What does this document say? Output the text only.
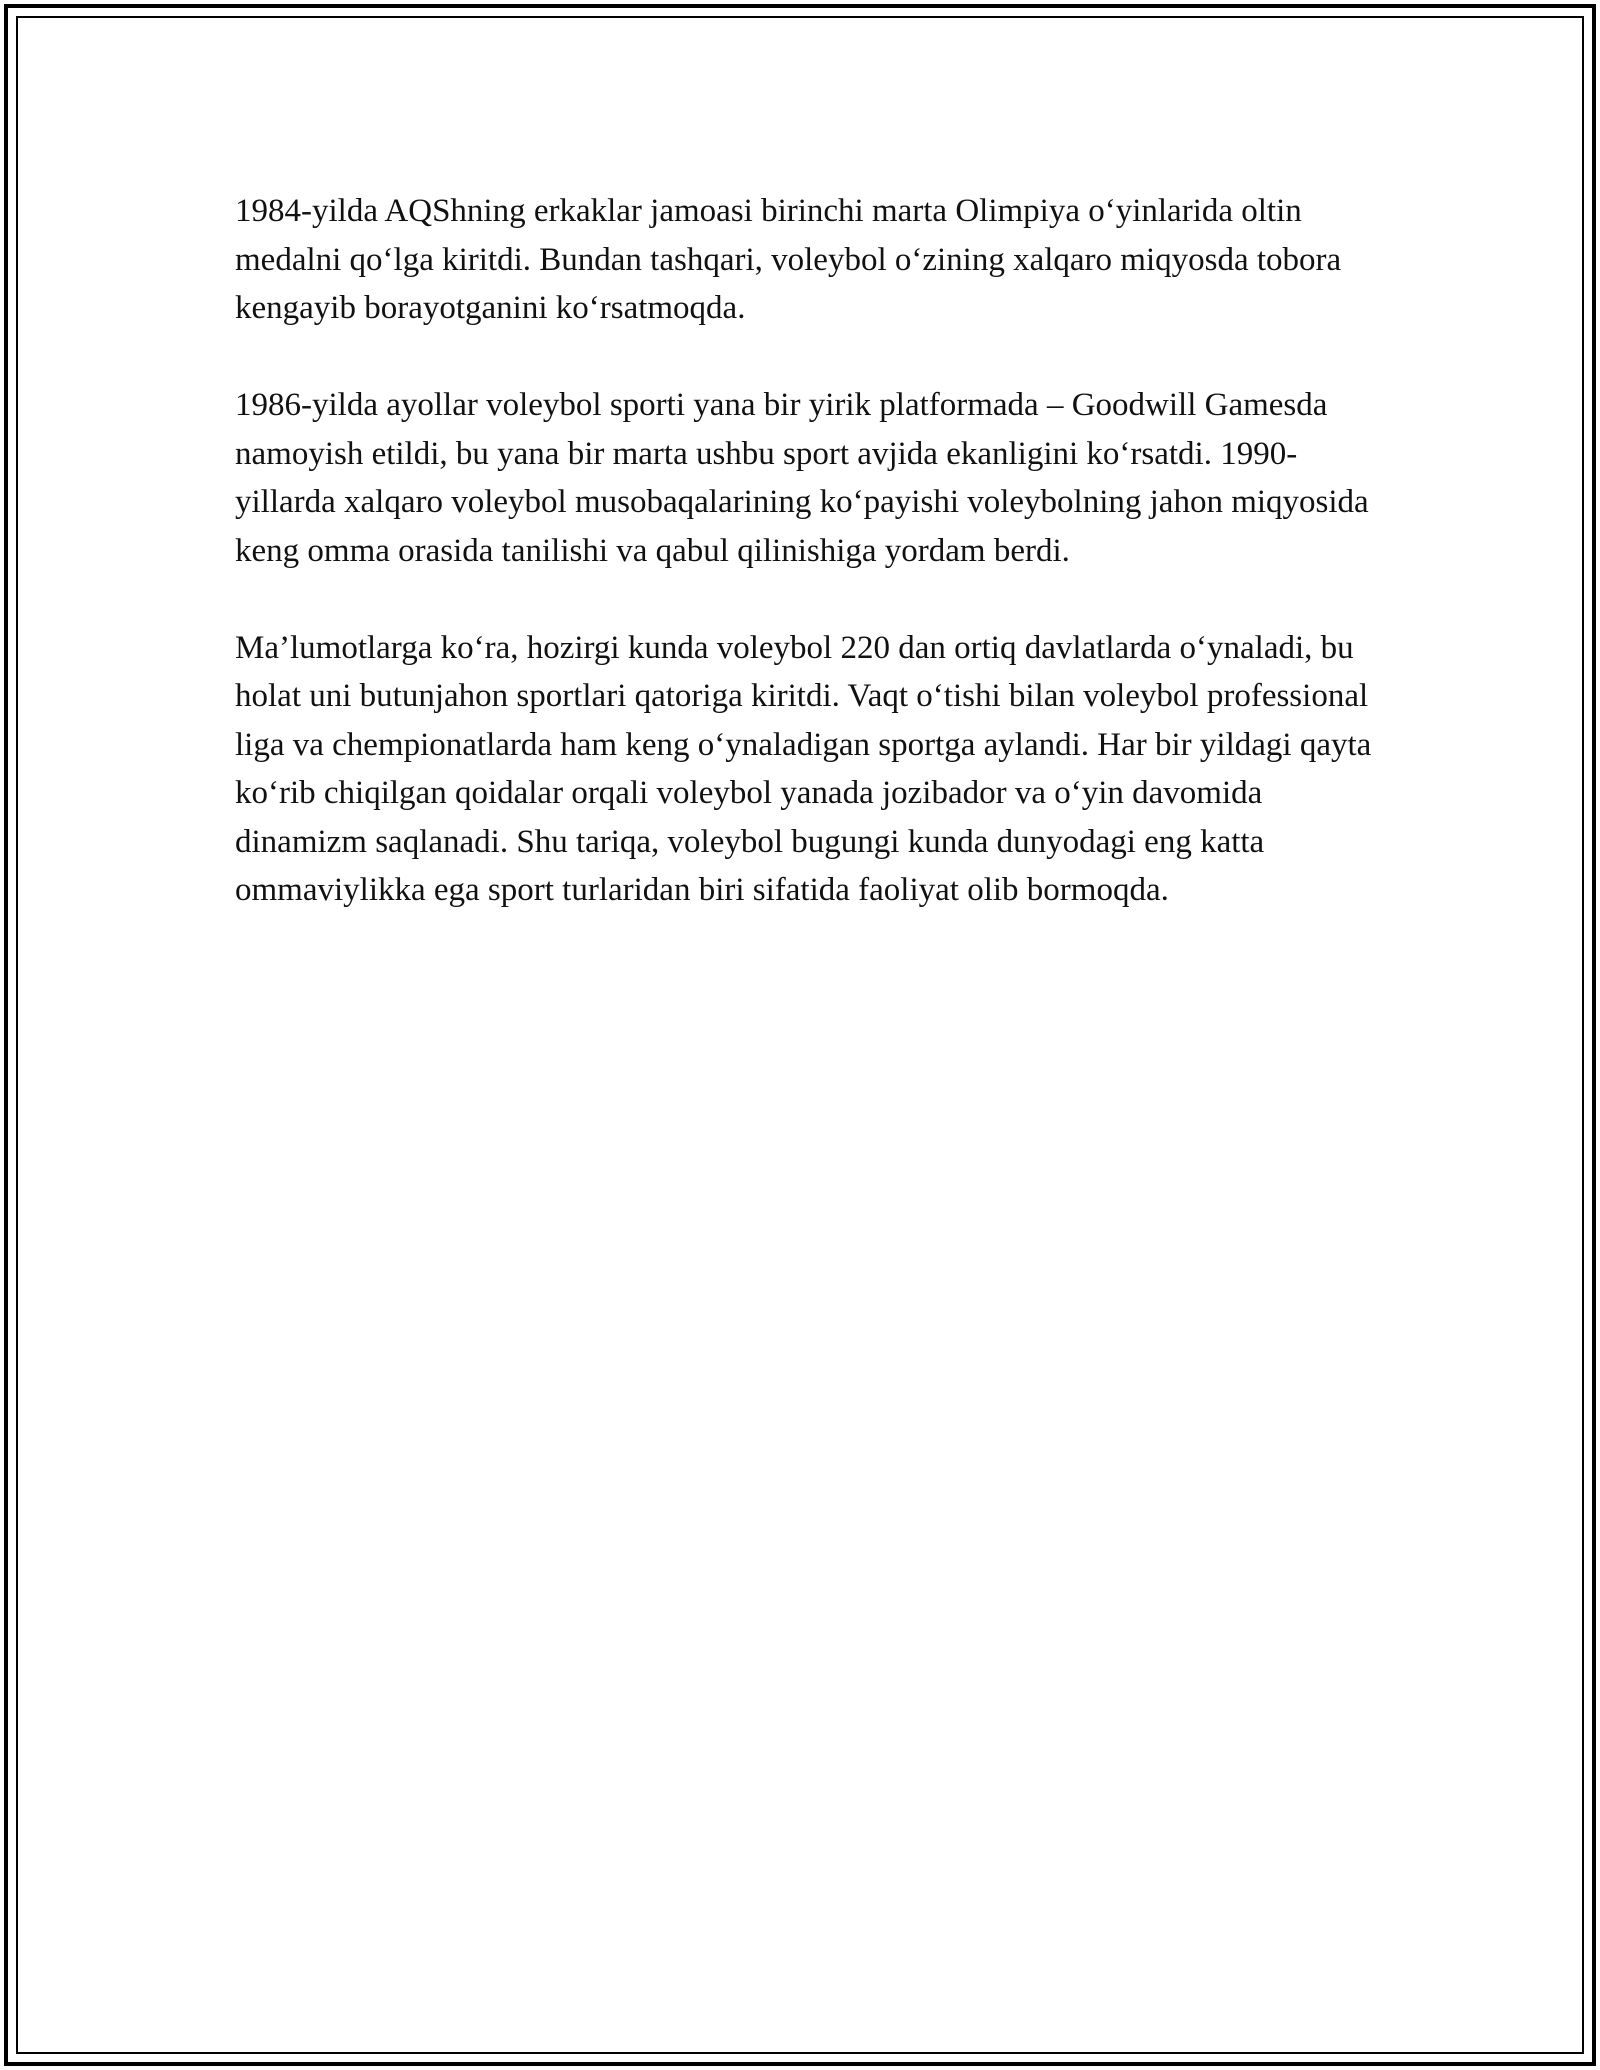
1984-yilda AQShning erkaklar jamoasi birinchi marta Olimpiya o‘yinlarida oltin medalni qo‘lga kiritdi. Bundan tashqari, voleybol o‘zining xalqaro miqyosda tobora kengayib borayotganini ko‘rsatmoqda.

1986-yilda ayollar voleybol sporti yana bir yirik platformada – Goodwill Gamesda namoyish etildi, bu yana bir marta ushbu sport avjida ekanligini ko‘rsatdi. 1990-yillarda xalqaro voleybol musobaqalarining ko‘payishi voleybolning jahon miqyosida keng omma orasida tanilishi va qabul qilinishiga yordam berdi.

Ma’lumotlarga ko‘ra, hozirgi kunda voleybol 220 dan ortiq davlatlarda o‘ynaladi, bu holat uni butunjahon sportlari qatoriga kiritdi. Vaqt o‘tishi bilan voleybol professional liga va chempionatlarda ham keng o‘ynaladigan sportga aylandi. Har bir yildagi qayta ko‘rib chiqilgan qoidalar orqali voleybol yanada jozibador va o‘yin davomida dinamizm saqlanadi. Shu tariqa, voleybol bugungi kunda dunyodagi eng katta ommaviylikka ega sport turlaridan biri sifatida faoliyat olib bormoqda.
